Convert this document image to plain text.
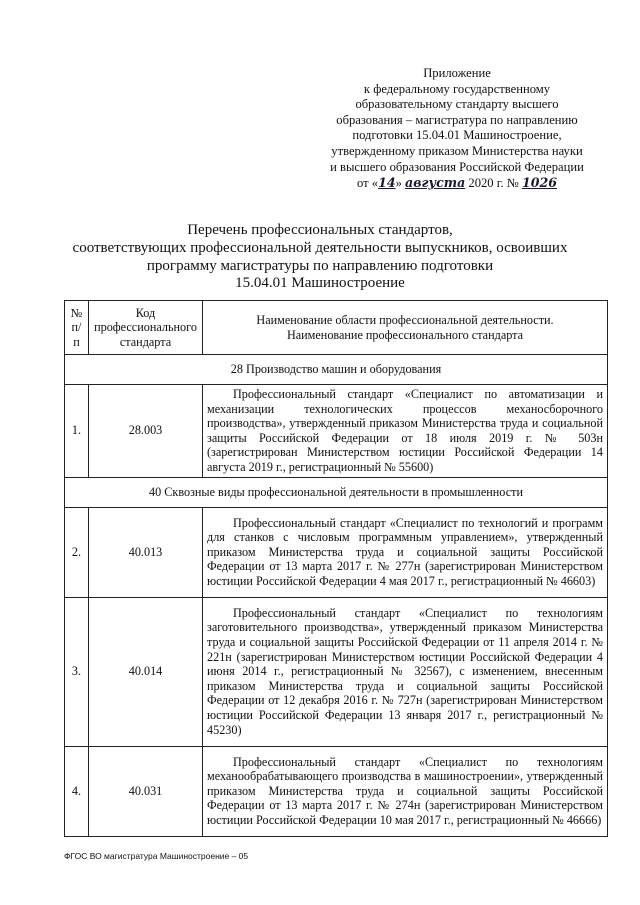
Приложение
к федеральному государственному
образовательному стандарту высшего
образования – магистратура по направлению
подготовки 15.04.01 Машиностроение,
утвержденному приказом Министерства науки
и высшего образования Российской Федерации
от «14» августа 2020 г. № 1026
Перечень профессиональных стандартов,
соответствующих профессиональной деятельности выпускников, освоивших
программу магистратуры по направлению подготовки
15.04.01 Машиностроение
№ п/п	Код профессионального стандарта	Наименование области профессиональной деятельности.
Наименование профессионального стандарта

28 Производство машин и оборудования		
1.	28.003	Профессиональный стандарт «Специалист по автоматизации и механизации технологических процессов механосборочного производства», утвержденный приказом Министерства труда и социальной защиты Российской Федерации от 18 июля 2019 г. № 503н (зарегистрирован Министерством юстиции Российской Федерации 14 августа 2019 г., регистрационный № 55600)

40 Сквозные виды профессиональной деятельности в промышленности		
2.	40.013	Профессиональный стандарт «Специалист по технологий и программ для станков с числовым программным управлением», утвержденный приказом Министерства труда и социальной защиты Российской Федерации от 13 марта 2017 г. № 277н (зарегистрирован Министерством юстиции Российской Федерации 4 мая 2017 г., регистрационный № 46603)

3.	40.014	Профессиональный стандарт «Специалист по технологиям заготовительного производства», утвержденный приказом Министерства труда и социальной защиты Российской Федерации от 11 апреля 2014 г. № 221н (зарегистрирован Министерством юстиции Российской Федерации 4 июня 2014 г., регистрационный № 32567), с изменением, внесенным приказом Министерства труда и социальной защиты Российской Федерации от 12 декабря 2016 г. № 727н (зарегистрирован Министерством юстиции Российской Федерации 13 января 2017 г., регистрационный № 45230)

4.	40.031	Профессиональный стандарт «Специалист по технологиям механообрабатывающего производства в машиностроении», утвержденный приказом Министерства труда и социальной защиты Российской Федерации от 13 марта 2017 г. № 274н (зарегистрирован Министерством юстиции Российской Федерации 10 мая 2017 г., регистрационный № 46666)
ФГОС ВО магистратура Машиностроение – 05
